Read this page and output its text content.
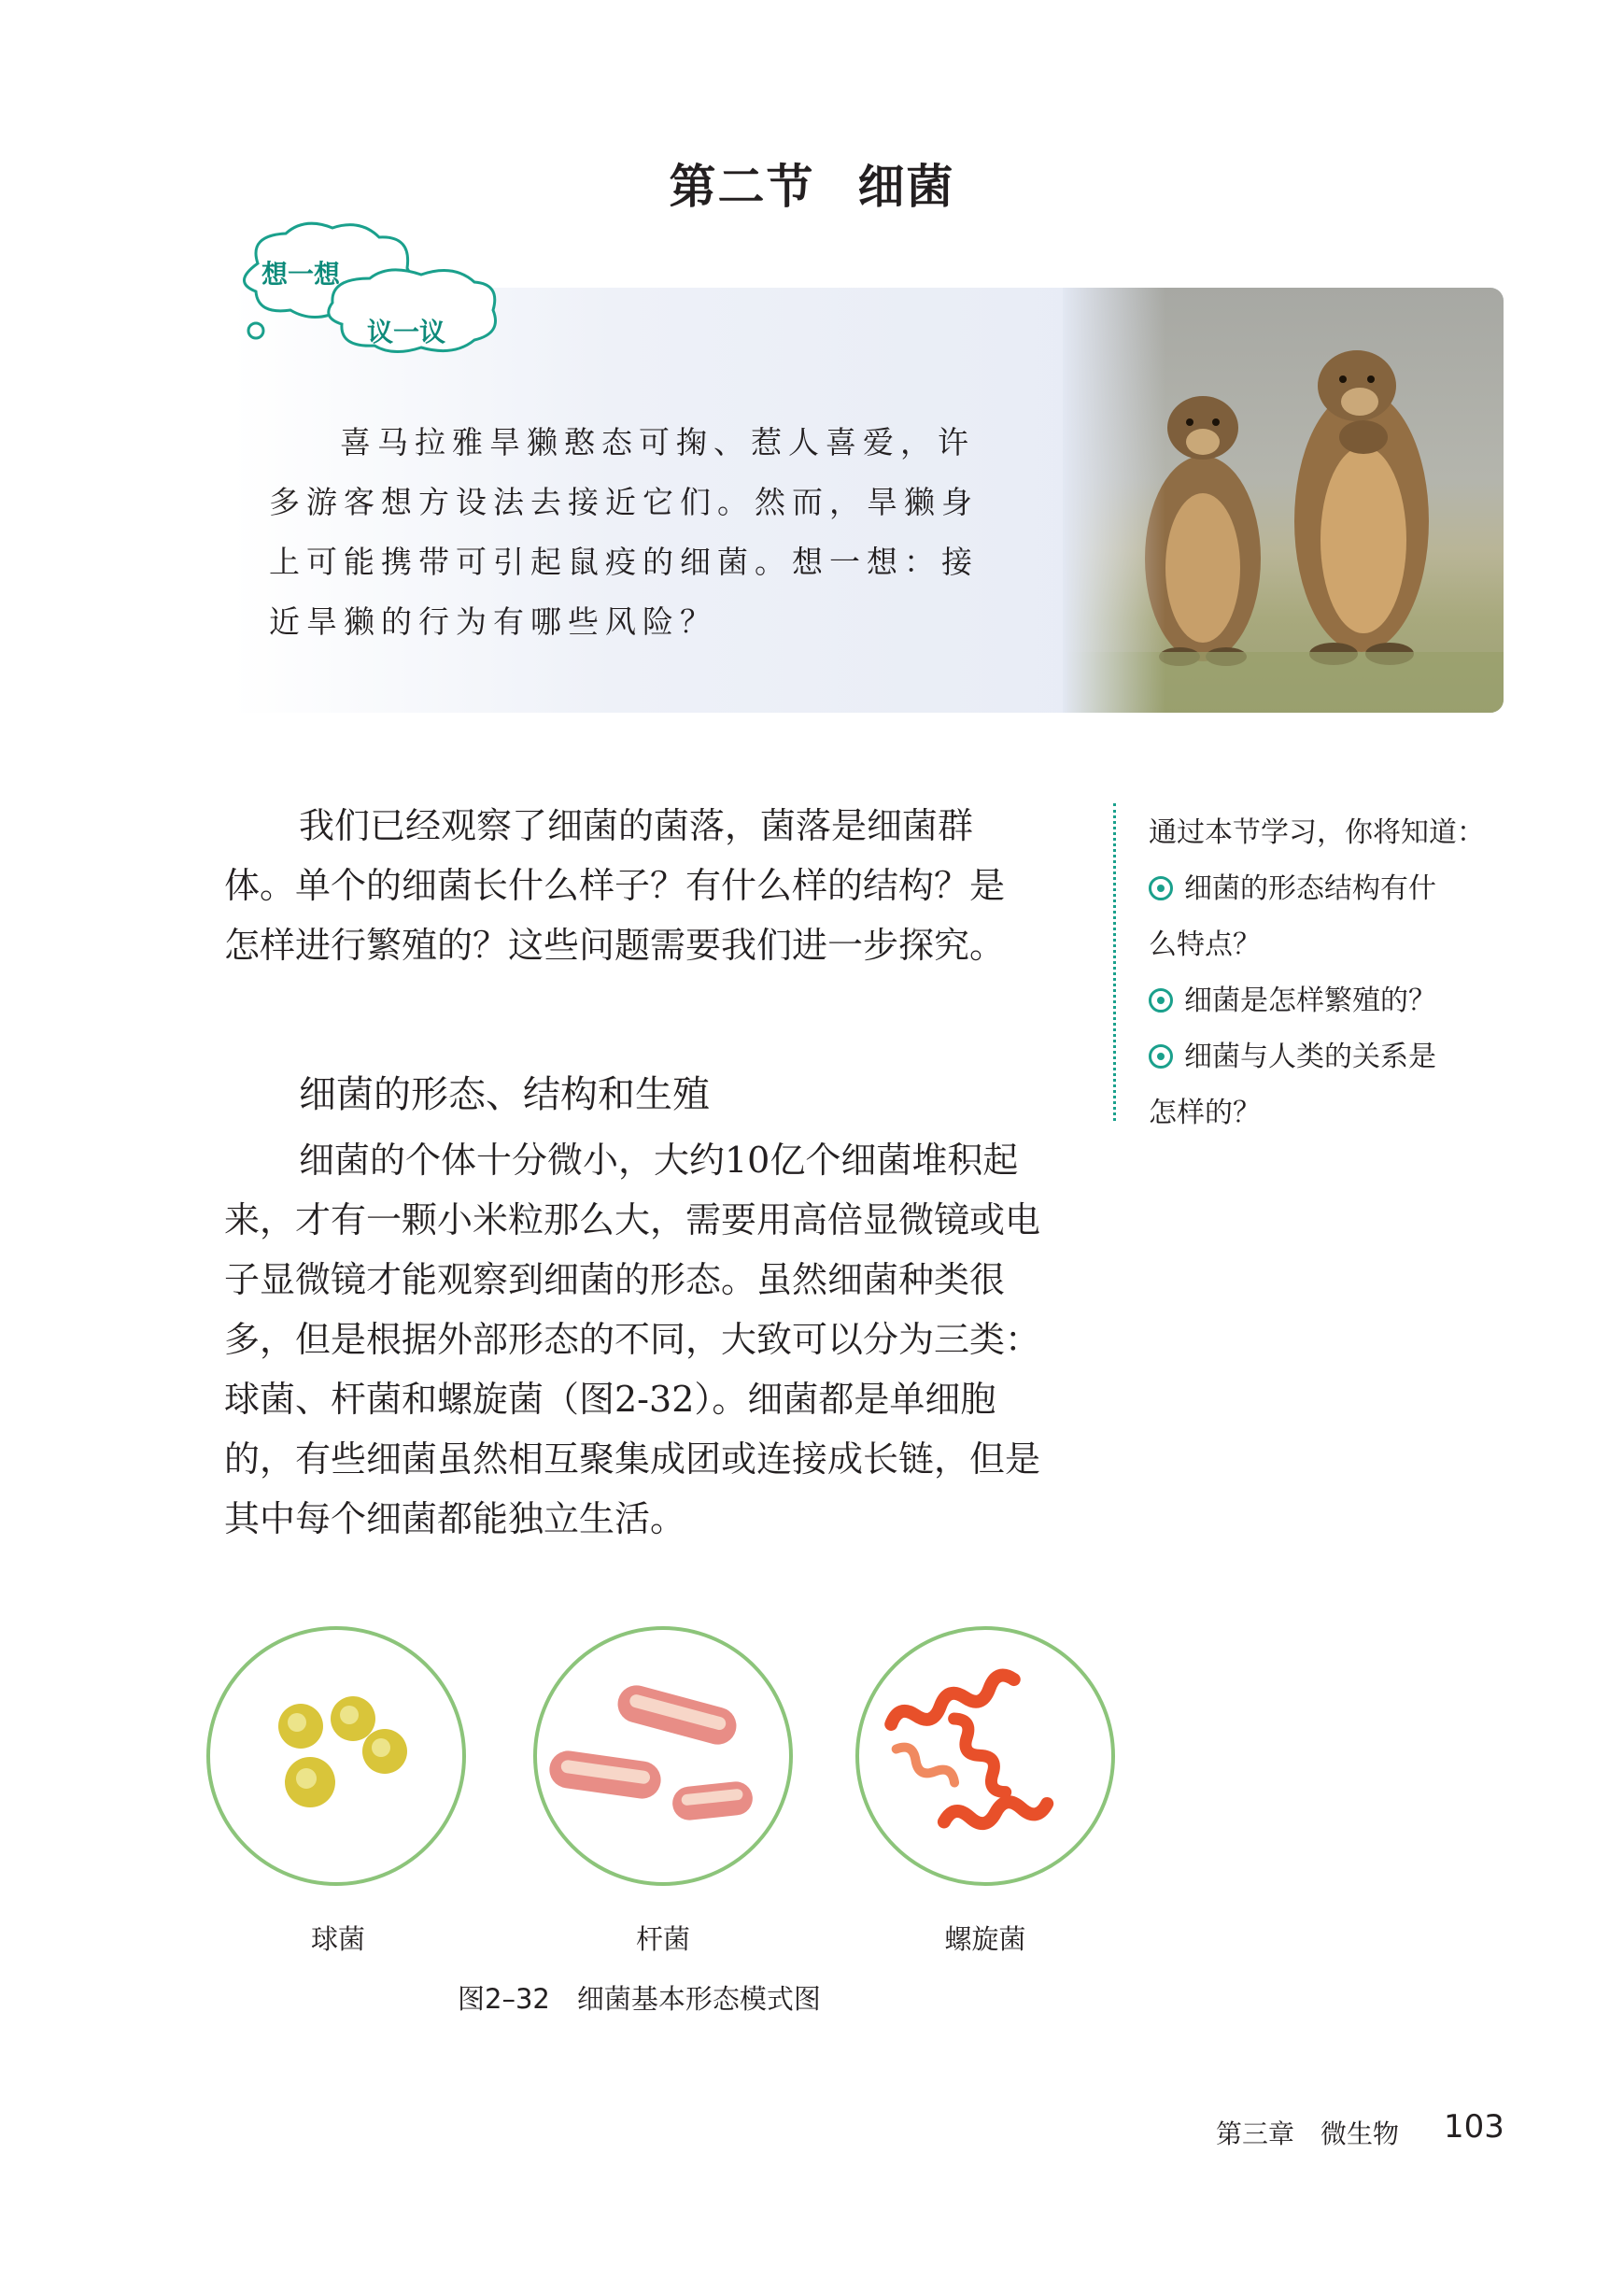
第二节 细菌
想一想
议一议
喜马拉雅旱獭憨态可掬、惹人喜爱，许
多游客想方设法去接近它们。然而，旱獭身
上可能携带可引起鼠疫的细菌。想一想：接
近旱獭的行为有哪些风险？
我们已经观察了细菌的菌落，菌落是细菌群
体。单个的细菌长什么样子？有什么样的结构？是
怎样进行繁殖的？这些问题需要我们进一步探究。
通过本节学习，你将知道：
细菌的形态结构有什
么特点？
细菌是怎样繁殖的？
细菌与人类的关系是
怎样的？
细菌的形态、结构和生殖
细菌的个体十分微小，大约10亿个细菌堆积起
来，才有一颗小米粒那么大，需要用高倍显微镜或电
子显微镜才能观察到细菌的形态。虽然细菌种类很
多，但是根据外部形态的不同，大致可以分为三类：
球菌、杆菌和螺旋菌（图2-32）。细菌都是单细胞
的，有些细菌虽然相互聚集成团或连接成长链，但是
其中每个细菌都能独立生活。
球菌	杆菌	螺旋菌
图2–32　细菌基本形态模式图
第三章　微生物 103
